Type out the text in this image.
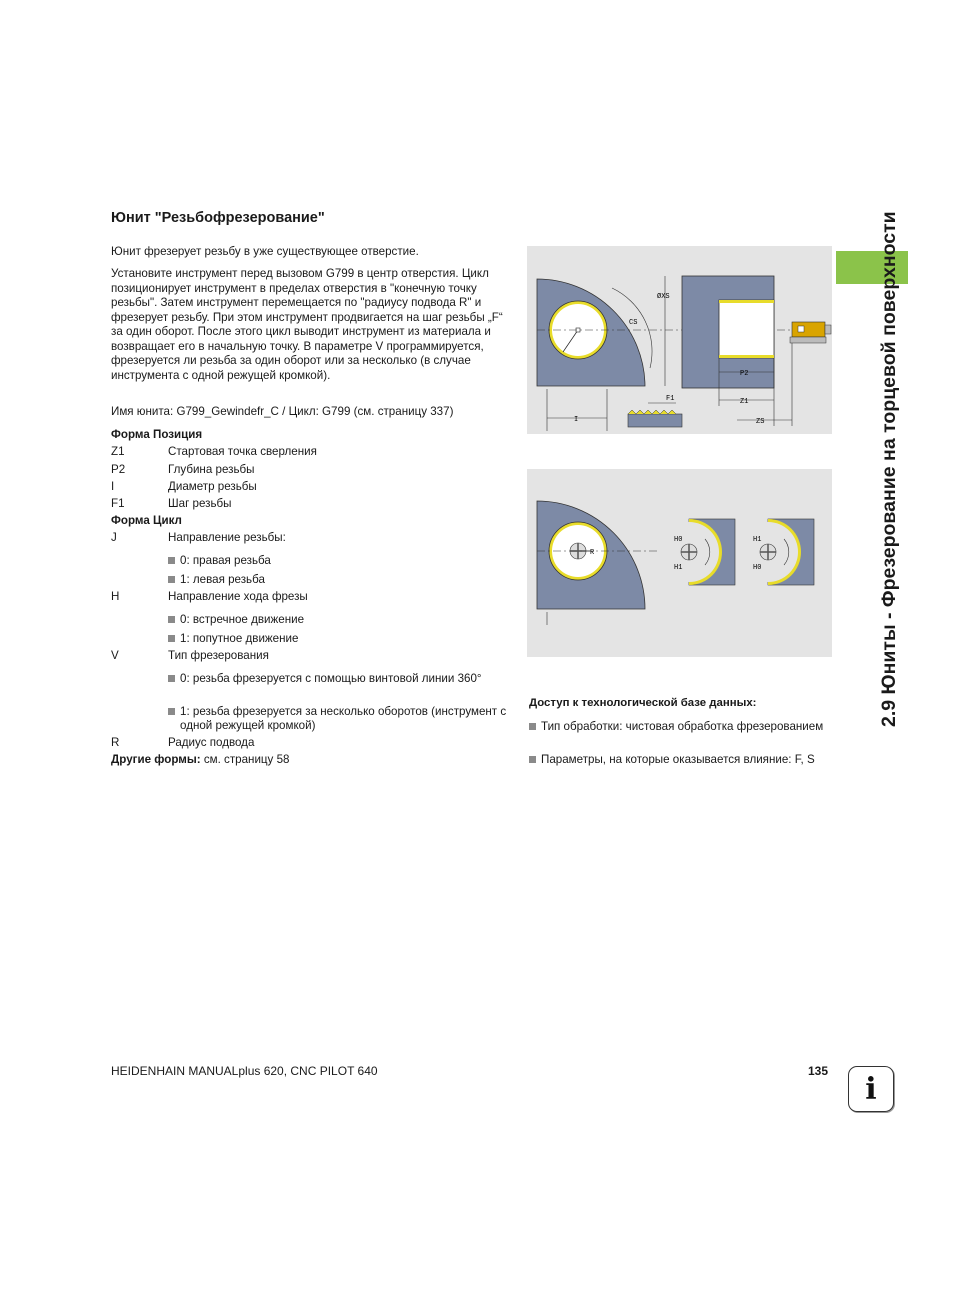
Юнит "Резьбофрезерование"
Юнит фрезерует резьбу в уже существующее отверстие.
Установите инструмент перед вызовом G799 в центр отверстия. Цикл позиционирует инструмент в пределах отверстия в "конечную точку резьбы". Затем инструмент перемещается по "радиусу подвода R" и фрезерует резьбу. При этом инструмент продвигается на шаг резьбы „F“ за один оборот. После этого цикл выводит инструмент из материала и возвращает его в начальную точку. В параметре V программируется, фрезеруется ли резьба за один оборот или за несколько (в случае инструмента с одной режущей кромкой).
Имя юнита: G799_Gewindefr_C / Цикл: G799 (см. страницу 337)
Форма Позиция
Z1	Стартовая точка сверления
P2	Глубина резьбы
I	Диаметр резьбы
F1	Шаг резьбы
Форма Цикл
J	Направление резьбы:
0: правая резьба
1: левая резьба
H	Направление хода фрезы
0: встречное движение
1: попутное движение
V	Тип фрезерования
0: резьба фрезеруется с помощью винтовой линии 360°
1: резьба фрезеруется за несколько оборотов (инструмент с одной режущей кромкой)
R	Радиус подвода
Другие формы: см. страницу 58
I
CS
ØXS
F1
P2
Z1
ZS
R
H0
H1
H1
H0
Доступ к технологической базе данных:
Тип обработки: чистовая обработка фрезерованием
Параметры, на которые оказывается влияние: F, S
2.9 Юниты - Фрезерование на торцевой поверхности
HEIDENHAIN MANUALplus 620, CNC PILOT 640	135
i
